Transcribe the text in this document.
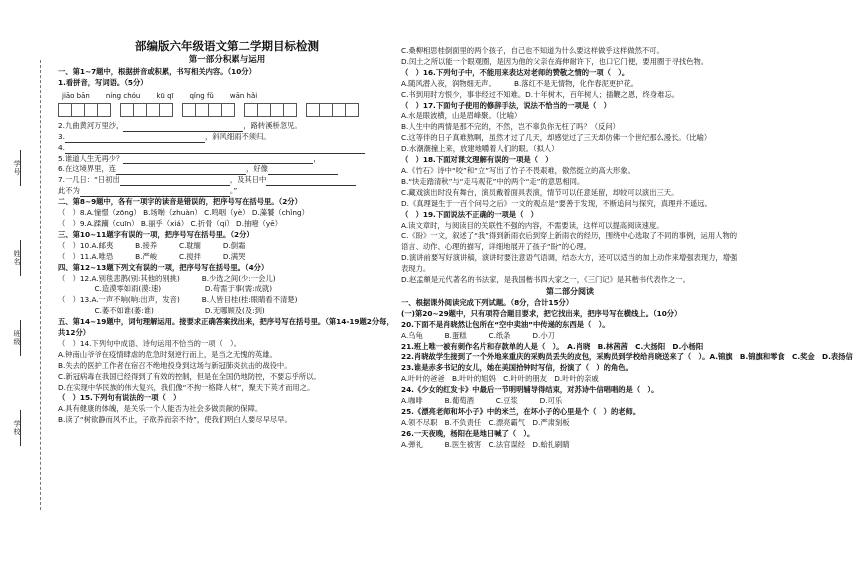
学号
姓名
班级
学校
部编版六年级语文第二学期目标检测
第一部分积累与运用
一、第1~7题中，根据拼音或积累，书写相关内容。（10分）
1.看拼音，写词语。（5分）
jiāo bān níng chóu kū qī qǐng fǔ wān hǎi
2.九曲黄河万里沙，	，路转溪桥忽见。
3.	，斜风细雨不须归。
4.
5.谁道人生无再少？	，
6.在这境界里，连	，好像
7.一几日：“日初出	，及其日中
此不为	。”
二、第8~9题中，各有一项字的读音是错误的，把序号写在括号里。（2分）
（　）8.A.憧憬（zōng） B.场啭（zhuàn） C.鸣咽（yè） D.藻饕（chǐng）
（　）9.A.蹂躏（cuīn） B.丽乎（xiá） C.折骨（qí） D.抽噎（yē）
三、第10~11题字有误的一项，把序号写在括号里。（2分）
（　）10.A.邮夷　　　B.接养　　　C.耽缅　　　D.倒霜
（　）11.A.唯恐　　　B.严峻　　　C.搅拌　　　D.满哭
四、第12~13题下列文有误的一项，把序号写在括号里。（4分）
（　）12.A.别毯悲鹊(别:其他的别挑)　　　B.少选之间(少:一会儿)
　　　　　C.造漠零如雨(漠:速)　　　　　　D.苟需于事(需:成就)
（　）13.A.一声不响(响:出声，发音)　　　B.人皆目桂(桂:眼睛看不清楚)
　　　　　C.萎不如谁(萎:谁)　　　　　　　D.无哪顾及(及:到)
五、第14~19题中，词句理解运用。接要求正确答案找出来，把序号写在括号里。（第14-19题2分每，共12分）
（　）14.下列句中成语、诗句运用不恰当的一项（　）。
A.钟南山爷爷在疫情肆虐的危急时刻逆行而上，是当之无愧的英雄。
B.失去的医护工作者在宿召不绝地投身到这场与新冠肺炎抗击的战役中。
C.新冠病毒在我国已经得到了有效的控制，但是在全国仍地防控，不要忘乎所以。
D.在实现中华民族的伟大复兴，我们像“不拘一格降人材”，聚天下英才而用之。
（　）15.下列句有说法的一项（　）
A.具有健康的体魄，是关乐一个人能否为社会多做贡献的保障。
B.读了“树欲静而风不止，子欲养而亲不待”，使我们明白人要尽早尽早。
C.桑柳相思桂倒面里的两个孩子，自己也不知道为什么要这样做乎这样做然不可。
D.闰土之所以能一个眼观圈，是因为他的父亲在海伸耐许下，也口它门便，要用圈于寻找色物。
（　）16.下列句子中，不能用来表达对老师的赞敬之情的一项（　）。
A.随风潜入夜，润物细无声。　　　B.落红不是无情物，化作春泥更护花。
C.书到用时方恨少，事非经过不知难。D.十年树木，百年树人；插鞭之恩，终身难忘。
（　）17.下面句子使用的修辞手法，说法不恰当的一项是（　）
A.水是眼波横，山是眉峰聚。（比喻）
B.人生中的两情是那不完的，不然，岂不辜负你无枉了吗？（反问）
C.这等伴的日子真难熬啊，虽然才过了几天，却感觉过了三天却仿佛一个世纪那么漫长。（比喻）
D.水潮潮撞上来，放建地嚼着人们的眼。（拟人）
（　）18.下面对课文理解有误的一项是（　）
A.《竹石》诗中“咬”和“立”写出了竹子不畏艰难，傲然挺立的高大形象。
B.“快走踏清秋”与“走马观花”中的两个“走”的意思相同。
C.藏戏演出时没有舞台，演员戴着面具表演，情节可以任意延留，却较可以演出三天。
D.《真理诞生于一百个问号之后》一文的观点是“要善于发现，不断追问与探究，真理并不遥远。
（　）19.下面说法不正确的一项是（　）
A.读文章时，与阅读目的关联性不强的内容，不需要读，这样可以提高阅读速度。
C.《盼》一文，叙述了“我”得到新雨衣后到穿上新雨衣的经历，围绕中心选取了不同的事例，运用人物的语言、动作、心理的描写，详细地展开了孩子“盼”的心理。
D.演讲前要写好演讲稿，演讲时要注意语气语调，结态大方，还可以适当的加上动作来增强表现力，增强表现力。
D.赵孟頫是元代著名的书法家，是我国楷书四大家之一，《三门记》是其楷书代表作之一。
第二部分阅读
一、根据课外阅读完成下列试题。（8分，合计15分）
(一)第20~29题中，只有项符合题目要求，把它找出来，把序号写在横线上。（10分）
20.下面不是肖晓然让包所在“空中卖油”中传递的东西是（　）。
A.乌龟　　　B.蛋糕　　　C.纸条　　　D.小刀
21.班上唯一被有刺作名片和存款单的人是（　）。　A.肖晓　B.林茜茜　C.大扬阳　D.小杨阳
22.肖晓故学生接到了一个外地来重庆的采购员丢失的皮包，采购员到学校给肖晓送来了（　）。A.锦旗　B.锦旗和零食　C.奖金　D.表扬信
23.谁是赤多书记的女儿，她在美国拾钟时写信，扮演了（　）的角色。
A.叶叶的爸爸　B.叶叶的姐妈　C.叶叶的朋友　D.叶叶的亲戚
24.《少女的红发卡》中最后一节明明辅导得结束，对苏诗牛信唱唱的是（　）。
A.咖啡　　　B.葡萄酒　　　C.豆浆　　　D.可乐
25.《漂亮老师和坏小子》中的米兰，在坏小子的心里是个（　）的老师。
A.领不尽职　B.不负责任　C.漂亮霸气　D.严肃刻板
26.一天夜晚，杨阳在是地日喊了（　）。
A.弹礼　　　B.医生被害　C.法官谋经　D.蛤扎刷睛
